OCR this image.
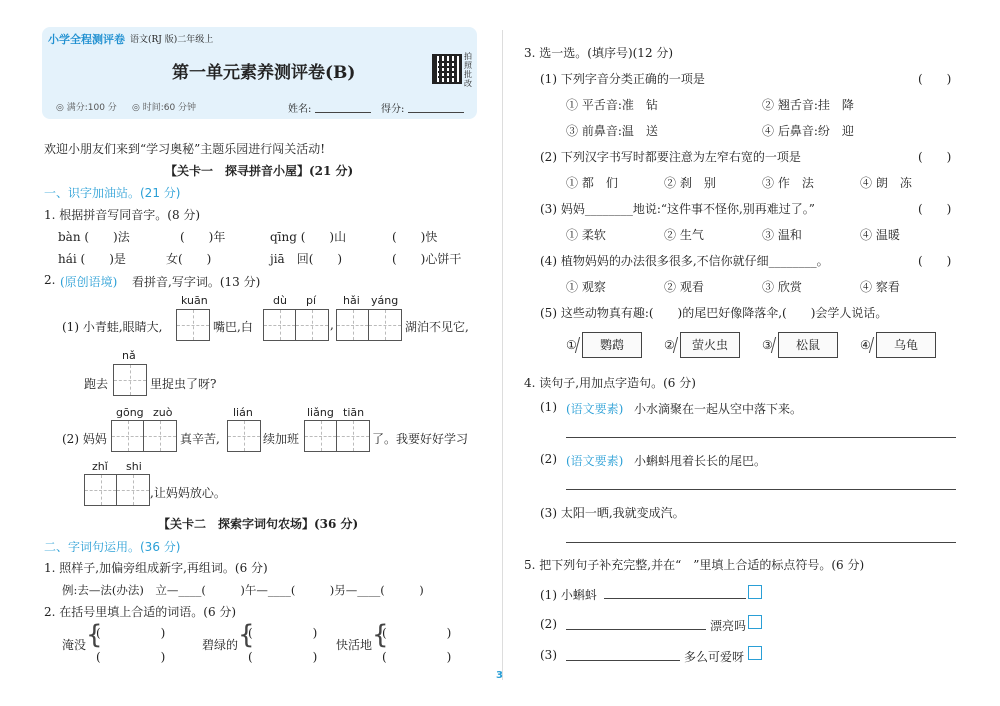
小学全程测评卷 语文(RJ 版)二年级上
拍照批改
第一单元素养测评卷(B)
◎ 满分:100 分 ◎ 时间:60 分钟	姓名:	得分:
欢迎小朋友们来到“学习奥秘”主题乐园进行闯关活动!
【关卡一　探寻拼音小屋】(21 分)
一、识字加油站。(21 分)
1. 根据拼音写同音字。(8 分)
bàn (　　)法	(　　)年	qīng (　　)山	(　　)快
hái (　　)是	女(　　)	jiā　回(　　)	(　　)心饼干
2. (原创语境) 看拼音,写字词。(13 分)
kuān	dù pí hǎi yáng
(1) 小青蛙,眼睛大,	嘴巴,白	,	湖泊不见它,
nǎ
跑去	里捉虫了呀?
gōng zuò	lián	liǎng tiān
(2) 妈妈	真辛苦,	续加班	了。我要好好学习
zhǐ shi
,让妈妈放心。
【关卡二　探索字词句农场】(36 分)
二、字词句运用。(36 分)
1. 照样子,加偏旁组成新字,再组词。(6 分)
例:去—法(办法)　立—____(　　　)午—____(　　　)另—____(　　　)
2. 在括号里填上合适的词语。(6 分)
淹没 {
(　　　　　)
(　　　　　)
碧绿的 {
(　　　　　)
(　　　　　)
快活地 {
(　　　　　)
(　　　　　)
3. 选一选。(填序号)(12 分)
(1) 下列字音分类正确的一项是	(　　)
① 平舌音:准　钻	② 翘舌音:挂　降
③ 前鼻音:温　送	④ 后鼻音:纷　迎
(2) 下列汉字书写时都要注意为左窄右宽的一项是	(　　)
① 都　们	② 刹　别	③ 作　法	④ 朗　冻
(3) 妈妈________地说:“这件事不怪你,别再难过了。”	(　　)
① 柔软	② 生气	③ 温和	④ 温暖
(4) 植物妈妈的办法很多很多,不信你就仔细________。	(　　)
① 观察	② 观看	③ 欣赏	④ 察看
(5) 这些动物真有趣:(　　)的尾巴好像降落伞,(　　)会学人说话。
①	鹦鹉	②	萤火虫	③	松鼠	④	乌龟
4. 读句子,用加点字造句。(6 分)
(1) (语文要素) 小水滴聚在一起从空中落下来。
(2) (语文要素) 小蝌蚪甩着长长的尾巴。
(3) 太阳一晒,我就变成汽。
5. 把下列句子补充完整,并在“　”里填上合适的标点符号。(6 分)
(1) 小蝌蚪
(2)	漂亮吗
(3)	多么可爱呀
3
